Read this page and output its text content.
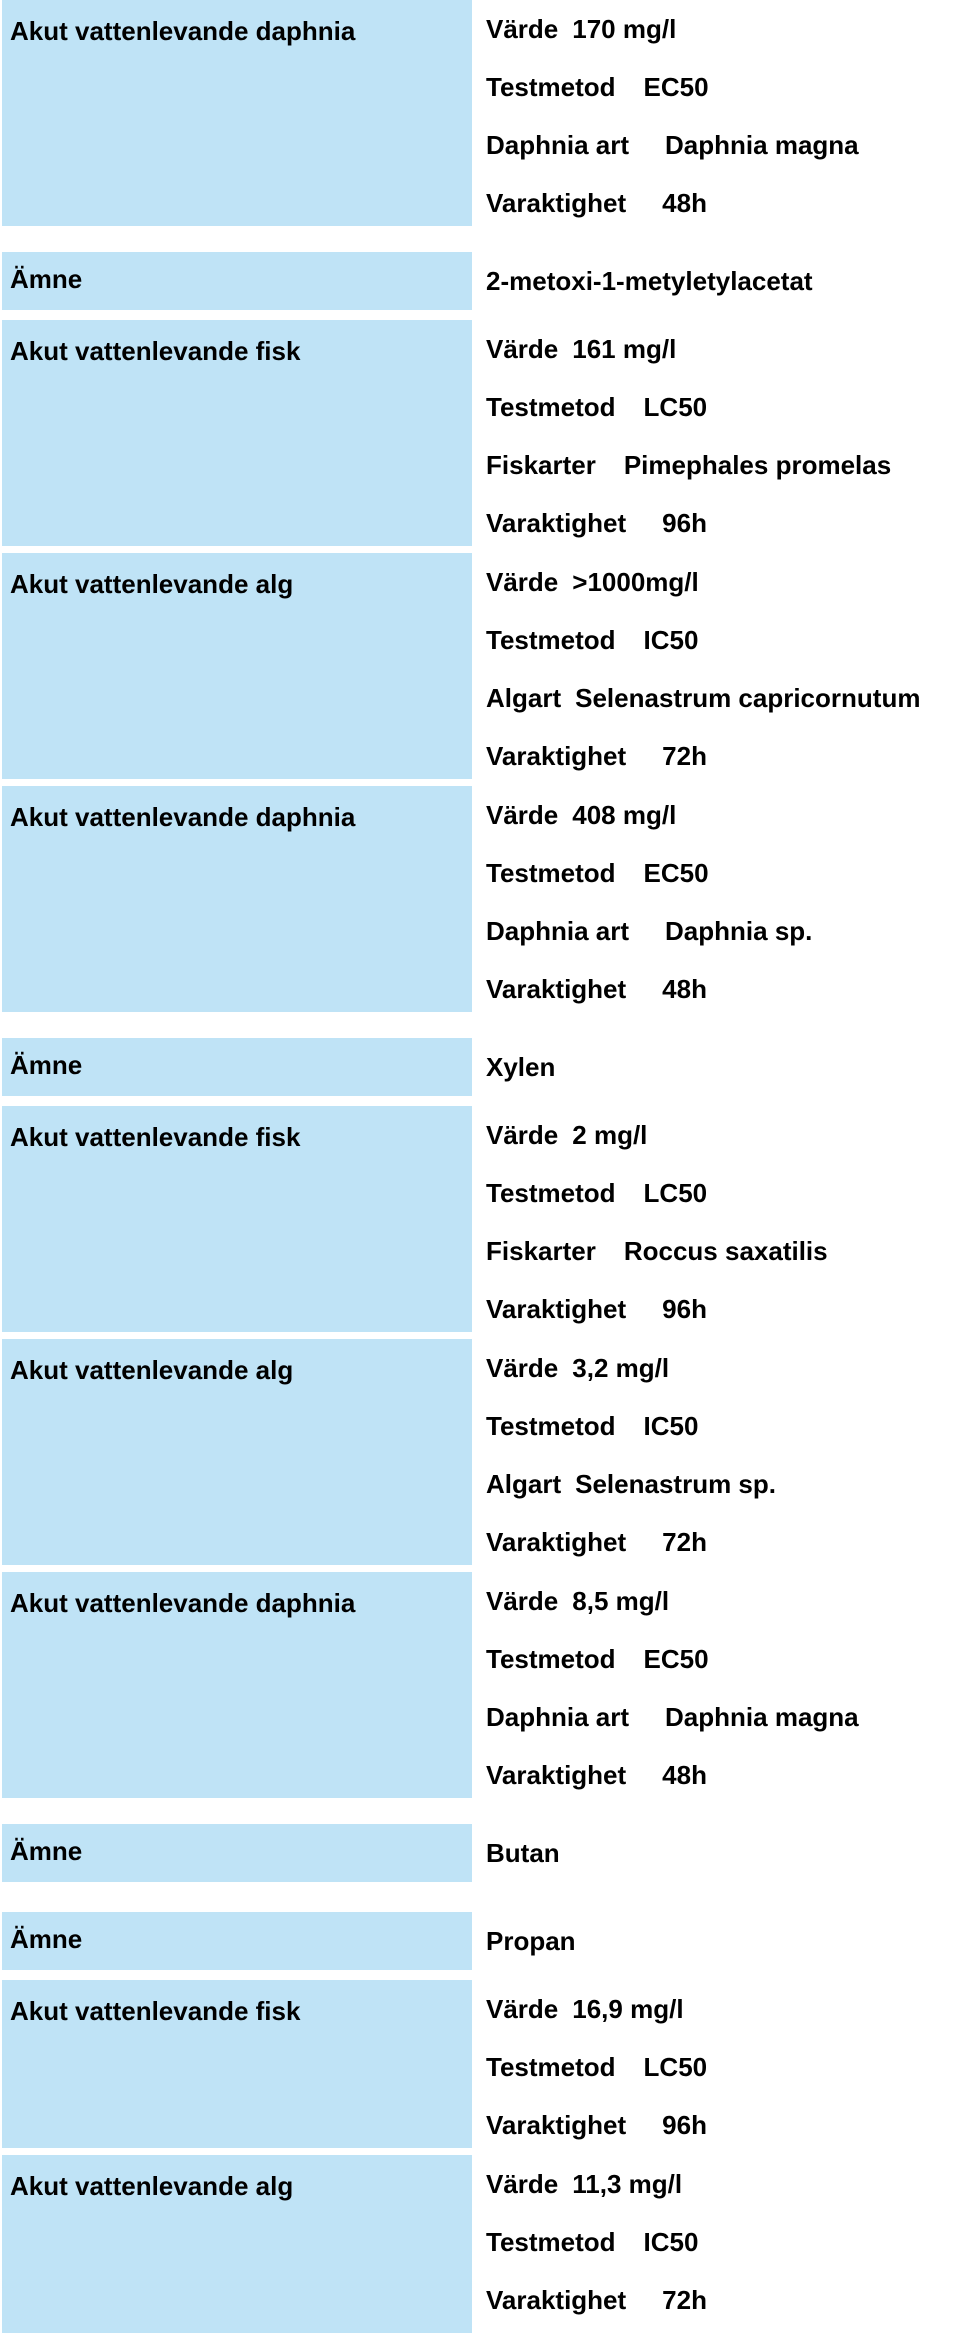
Akut vattenlevande daphnia	Värde 170 mg/l
Testmetod EC50
Daphnia art Daphnia magna
Varaktighet 48h
Ämne	2-metoxi-1-metyletylacetat
Akut vattenlevande fisk	Värde 161 mg/l
Testmetod LC50
Fiskarter Pimephales promelas
Varaktighet 96h
Akut vattenlevande alg	Värde >1000mg/l
Testmetod IC50
Algart Selenastrum capricornutum
Varaktighet 72h
Akut vattenlevande daphnia	Värde 408 mg/l
Testmetod EC50
Daphnia art Daphnia sp.
Varaktighet 48h
Ämne	Xylen
Akut vattenlevande fisk	Värde 2 mg/l
Testmetod LC50
Fiskarter Roccus saxatilis
Varaktighet 96h
Akut vattenlevande alg	Värde 3,2 mg/l
Testmetod IC50
Algart Selenastrum sp.
Varaktighet 72h
Akut vattenlevande daphnia	Värde 8,5 mg/l
Testmetod EC50
Daphnia art Daphnia magna
Varaktighet 48h
Ämne	Butan
Ämne	Propan
Akut vattenlevande fisk	Värde 16,9 mg/l
Testmetod LC50
Varaktighet 96h
Akut vattenlevande alg	Värde 11,3 mg/l
Testmetod IC50
Varaktighet 72h
